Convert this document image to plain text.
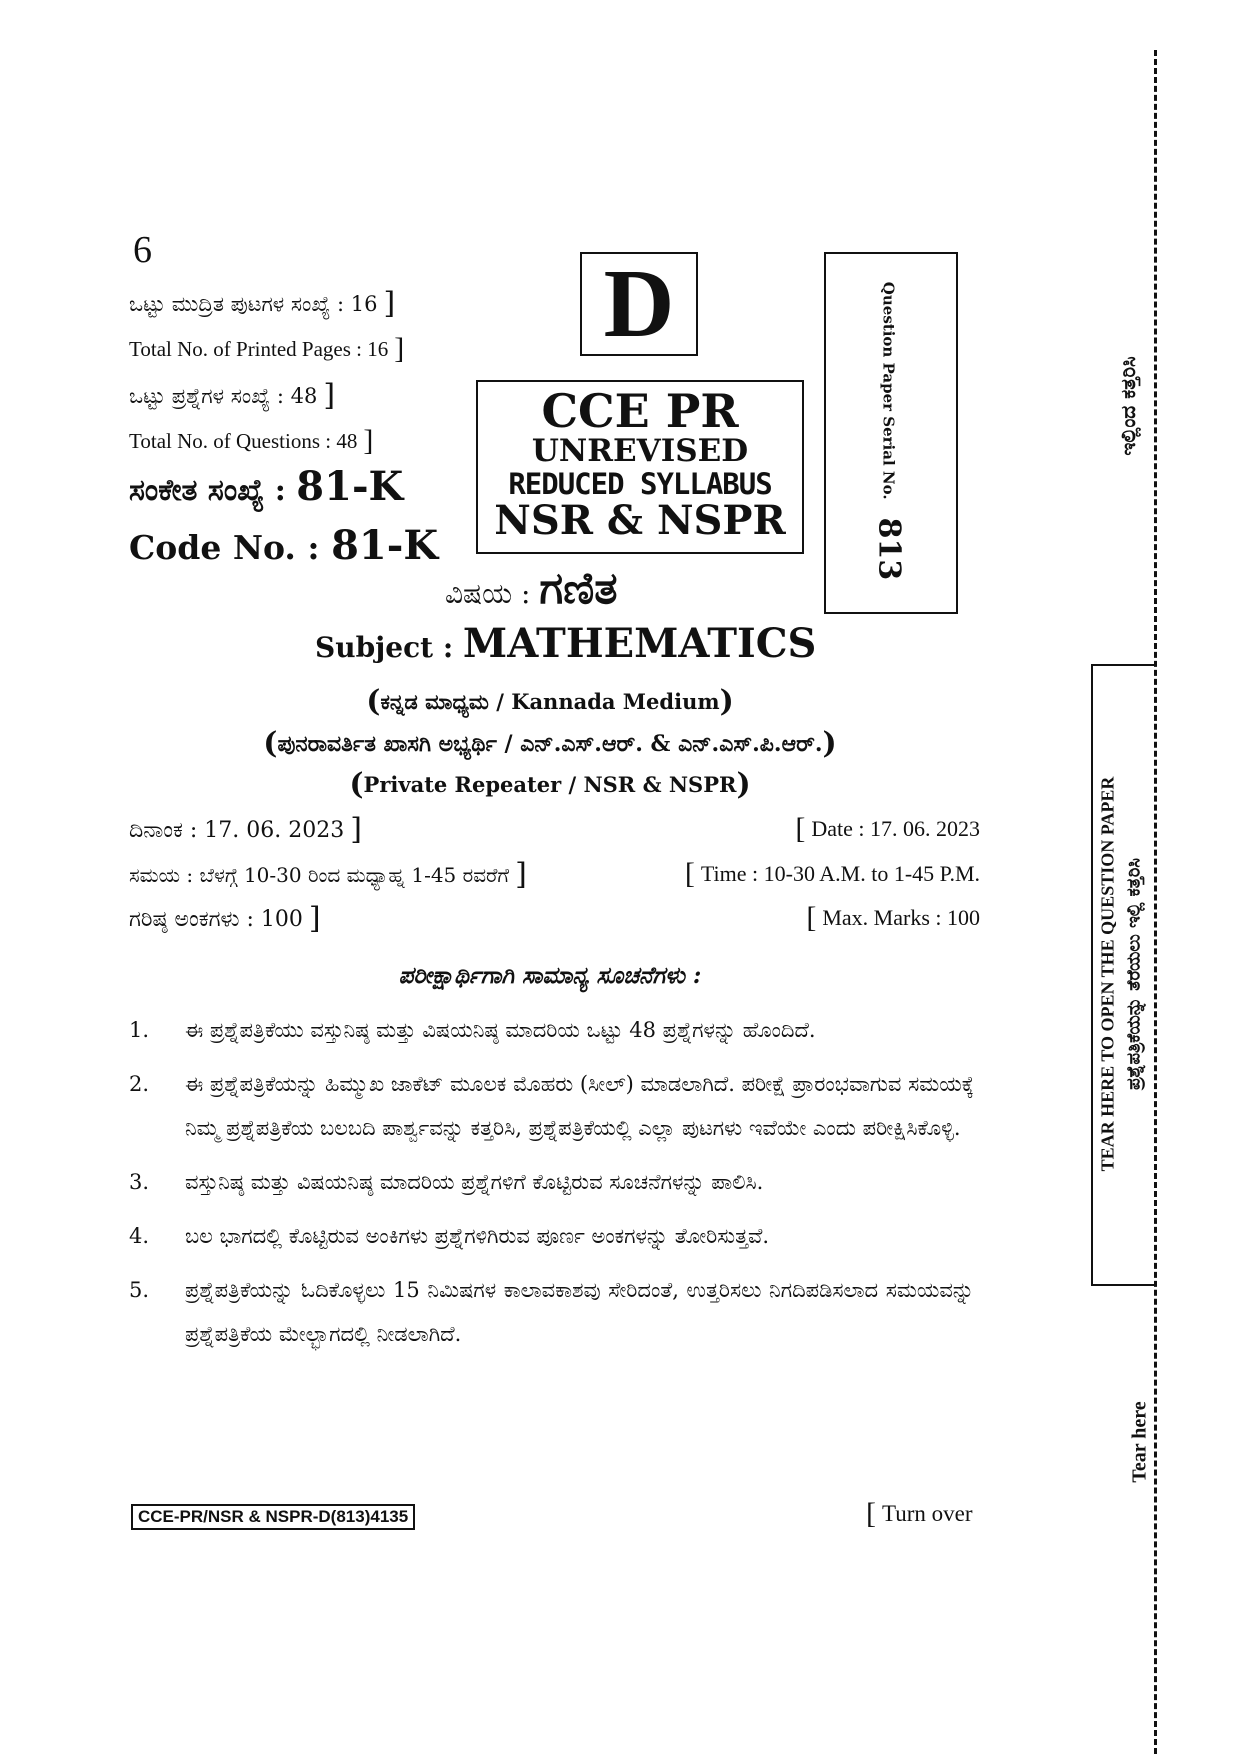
6
ಒಟ್ಟು ಮುದ್ರಿತ ಪುಟಗಳ ಸಂಖ್ಯೆ : 16 ]
Total No. of Printed Pages : 16 ]
ಒಟ್ಟು ಪ್ರಶ್ನೆಗಳ ಸಂಖ್ಯೆ : 48 ]
Total No. of Questions : 48 ]
D
CCE PR
UNREVISED
REDUCED SYLLABUS
NSR & NSPR
Question Paper Serial No.
813
ಸಂಕೇತ ಸಂಖ್ಯೆ : 81-K
Code No. : 81-K
ವಿಷಯ : ಗಣಿತ
Subject : MATHEMATICS
(ಕನ್ನಡ ಮಾಧ್ಯಮ / Kannada Medium)
(ಪುನರಾವರ್ತಿತ ಖಾಸಗಿ ಅಭ್ಯರ್ಥಿ / ಎನ್.ಎಸ್.ಆರ್. & ಎನ್.ಎಸ್.ಪಿ.ಆರ್.)
(Private Repeater / NSR & NSPR)
ದಿನಾಂಕ : 17. 06. 2023 ]	[ Date : 17. 06. 2023
ಸಮಯ : ಬೆಳಗ್ಗೆ 10-30 ರಿಂದ ಮಧ್ಯಾಹ್ನ 1-45 ರವರೆಗೆ ]	[ Time : 10-30 A.M. to 1-45 P.M.
ಗರಿಷ್ಠ ಅಂಕಗಳು : 100 ]	[ Max. Marks : 100
ಪರೀಕ್ಷಾರ್ಥಿಗಾಗಿ ಸಾಮಾನ್ಯ ಸೂಚನೆಗಳು :
1.	ಈ ಪ್ರಶ್ನೆಪತ್ರಿಕೆಯು ವಸ್ತುನಿಷ್ಠ ಮತ್ತು ವಿಷಯನಿಷ್ಠ ಮಾದರಿಯ ಒಟ್ಟು 48 ಪ್ರಶ್ನೆಗಳನ್ನು ಹೊಂದಿದೆ.
2.	ಈ ಪ್ರಶ್ನೆಪತ್ರಿಕೆಯನ್ನು ಹಿಮ್ಮುಖ ಜಾಕೆಟ್ ಮೂಲಕ ಮೊಹರು (ಸೀಲ್) ಮಾಡಲಾಗಿದೆ. ಪರೀಕ್ಷೆ ಪ್ರಾರಂಭವಾಗುವ ಸಮಯಕ್ಕೆ ನಿಮ್ಮ ಪ್ರಶ್ನೆಪತ್ರಿಕೆಯ ಬಲಬದಿ ಪಾರ್ಶ್ವವನ್ನು ಕತ್ತರಿಸಿ, ಪ್ರಶ್ನೆಪತ್ರಿಕೆಯಲ್ಲಿ ಎಲ್ಲಾ ಪುಟಗಳು ಇವೆಯೇ ಎಂದು ಪರೀಕ್ಷಿಸಿಕೊಳ್ಳಿ.
3.	ವಸ್ತುನಿಷ್ಠ ಮತ್ತು ವಿಷಯನಿಷ್ಠ ಮಾದರಿಯ ಪ್ರಶ್ನೆಗಳಿಗೆ ಕೊಟ್ಟಿರುವ ಸೂಚನೆಗಳನ್ನು ಪಾಲಿಸಿ.
4.	ಬಲ ಭಾಗದಲ್ಲಿ ಕೊಟ್ಟಿರುವ ಅಂಕಿಗಳು ಪ್ರಶ್ನೆಗಳಿಗಿರುವ ಪೂರ್ಣ ಅಂಕಗಳನ್ನು ತೋರಿಸುತ್ತವೆ.
5.	ಪ್ರಶ್ನೆಪತ್ರಿಕೆಯನ್ನು ಓದಿಕೊಳ್ಳಲು 15 ನಿಮಿಷಗಳ ಕಾಲಾವಕಾಶವು ಸೇರಿದಂತೆ, ಉತ್ತರಿಸಲು ನಿಗದಿಪಡಿಸಲಾದ ಸಮಯವನ್ನು ಪ್ರಶ್ನೆಪತ್ರಿಕೆಯ ಮೇಲ್ಭಾಗದಲ್ಲಿ ನೀಡಲಾಗಿದೆ.
CCE-PR/NSR & NSPR-D(813)4135	[ Turn over
ಇಲ್ಲಿಂದ ಕತ್ತರಿಸಿ
TEAR HERE TO OPEN THE QUESTION PAPER ಪ್ರಶ್ನೆಪತ್ರಿಕೆಯನ್ನು ತೆರೆಯಲು ಇಲ್ಲಿ ಕತ್ತರಿಸಿ
Tear here
